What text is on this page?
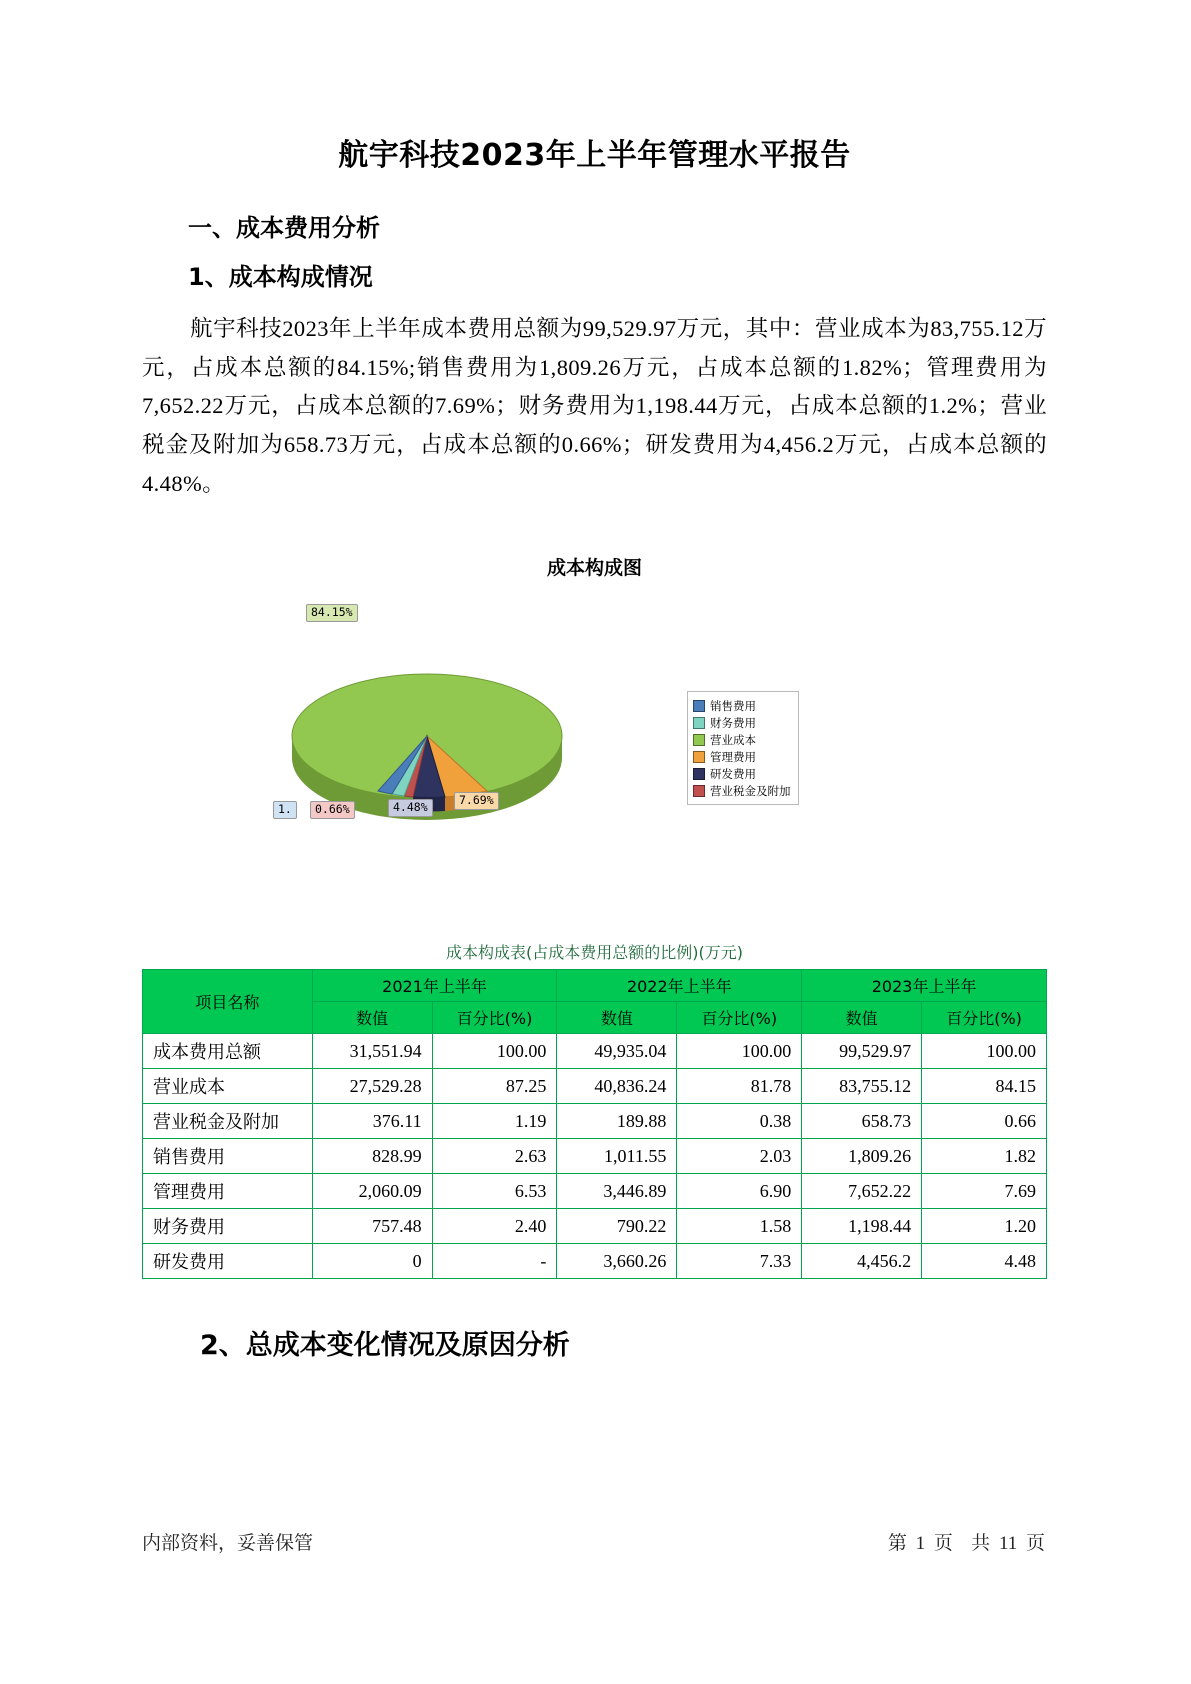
航宇科技2023年上半年管理水平报告
一、成本费用分析
1、成本构成情况

航宇科技2023年上半年成本费用总额为99,529.97万元，其中：营业成本为83,755.12万元，占成本总额的84.15%;销售费用为1,809.26万元，占成本总额的1.82%；管理费用为7,652.22万元，占成本总额的7.69%；财务费用为1,198.44万元，占成本总额的1.2%；营业税金及附加为658.73万元，占成本总额的0.66%；研发费用为4,456.2万元，占成本总额的4.48%。

成本构成图
84.15%
1.	0.66%	4.48%	7.69%
销售费用
财务费用
营业成本
管理费用
研发费用
营业税金及附加
成本构成表(占成本费用总额的比例)(万元)
项目名称	2021年上半年		2022年上半年		2023年上半年	
	数值	百分比(%)	数值	百分比(%)	数值	百分比(%)
成本费用总额	31,551.94	100.00	49,935.04	100.00	99,529.97	100.00
营业成本	27,529.28	87.25	40,836.24	81.78	83,755.12	84.15
营业税金及附加	376.11	1.19	189.88	0.38	658.73	0.66
销售费用	828.99	2.63	1,011.55	2.03	1,809.26	1.82
管理费用	2,060.09	6.53	3,446.89	6.90	7,652.22	7.69
财务费用	757.48	2.40	790.22	1.58	1,198.44	1.20
研发费用	0	-	3,660.26	7.33	4,456.2	4.48
2、总成本变化情况及原因分析
内部资料，妥善保管	第 1 页 共 11 页
